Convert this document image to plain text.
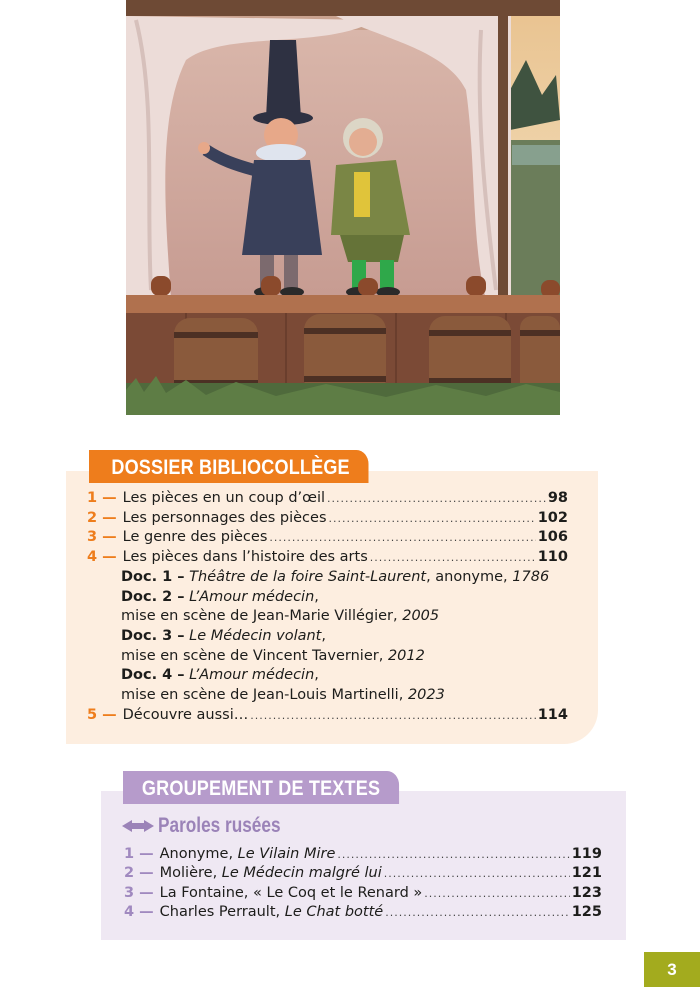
DOSSIER BIBLIOCOLLÈGE
1 — Les pièces en un coup d’œil .....	98
2 — Les personnages des pièces .....	102
3 — Le genre des pièces .....	106
4 — Les pièces dans l’histoire des arts .....	110
Doc. 1 – Théâtre de la foire Saint-Laurent, anonyme, 1786
Doc. 2 – L’Amour médecin,
mise en scène de Jean-Marie Villégier, 2005
Doc. 3 – Le Médecin volant,
mise en scène de Vincent Tavernier, 2012
Doc. 4 – L’Amour médecin,
mise en scène de Jean-Louis Martinelli, 2023
5 — Découvre aussi… .....	114
GROUPEMENT DE TEXTES
Paroles rusées
1 — Anonyme, Le Vilain Mire .....	119
2 — Molière, Le Médecin malgré lui .....	121
3 — La Fontaine, « Le Coq et le Renard » .....	123
4 — Charles Perrault, Le Chat botté .....	125
3
